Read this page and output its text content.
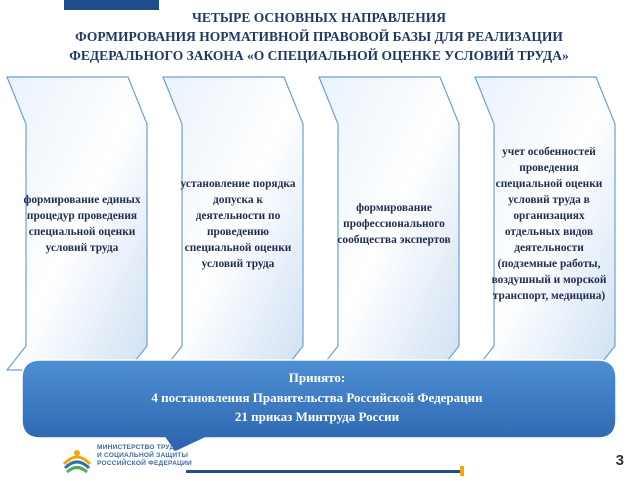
ЧЕТЫРЕ ОСНОВНЫХ НАПРАВЛЕНИЯ
ФОРМИРОВАНИЯ НОРМАТИВНОЙ ПРАВОВОЙ БАЗЫ ДЛЯ РЕАЛИЗАЦИИ
ФЕДЕРАЛЬНОГО ЗАКОНА «О СПЕЦИАЛЬНОЙ ОЦЕНКЕ УСЛОВИЙ ТРУДА»
формирование единых процедур проведения специальной оценки условий труда
установление порядка допуска к деятельности по проведению специальной оценки условий труда
формирование профессионального сообщества экспертов
учет особенностей проведения специальной оценки условий труда в организациях отдельных видов деятельности (подземные работы, воздушный и морской транспорт, медицина)
Принято:
4 постановления Правительства Российской Федерации
21 приказ Минтруда России
МИНИСТЕРСТВО ТРУДА
И СОЦИАЛЬНОЙ ЗАЩИТЫ
РОССИЙСКОЙ ФЕДЕРАЦИИ	3
